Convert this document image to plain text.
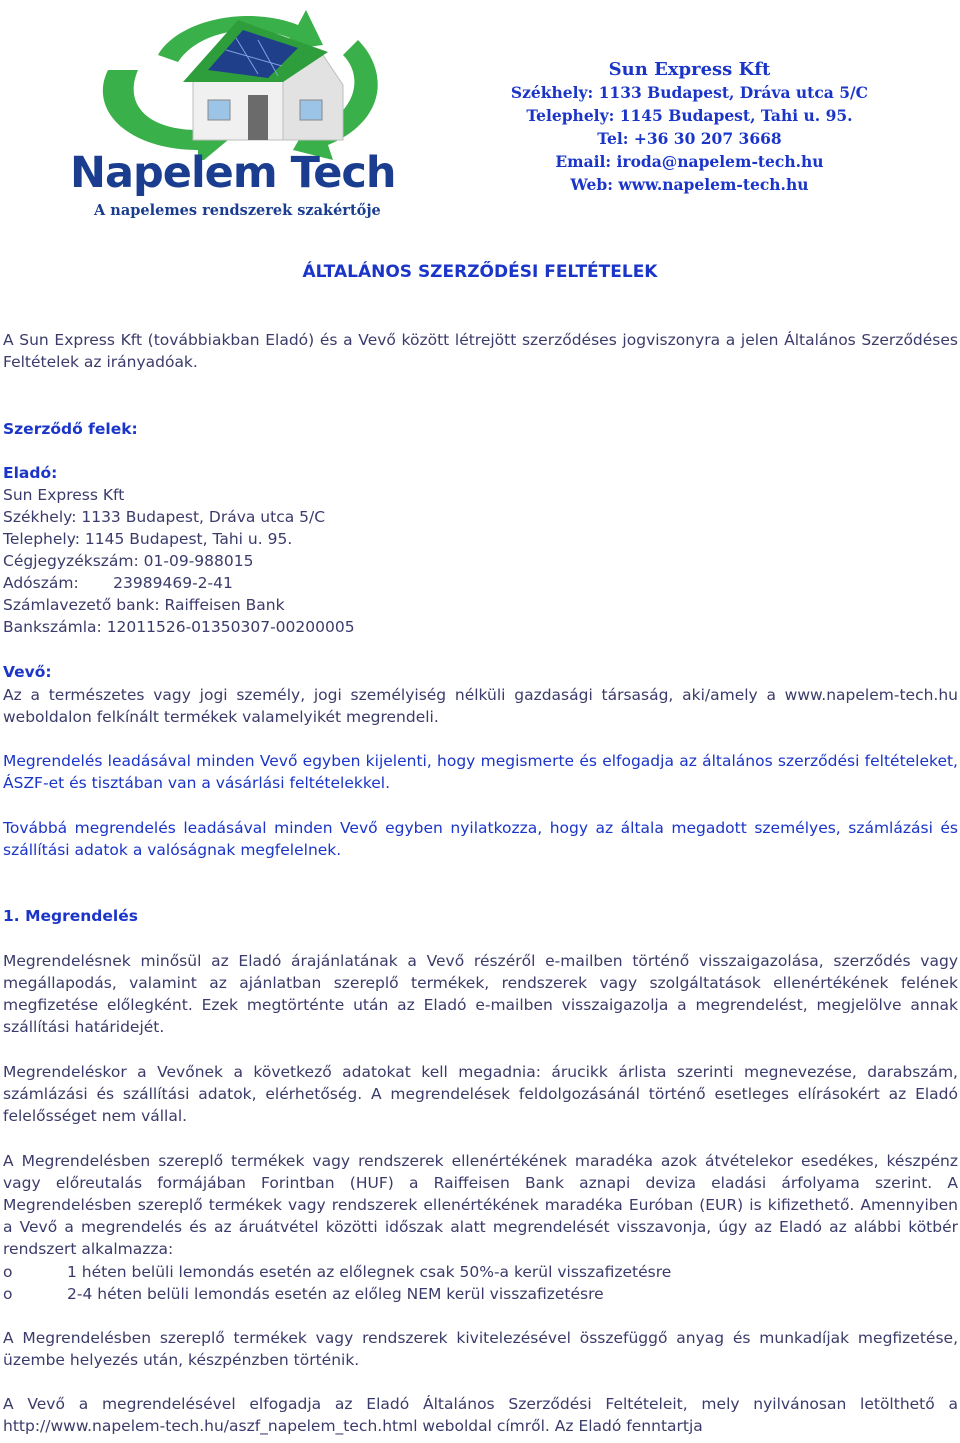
Napelem Tech

A napelemes rendszerek szakértője

Sun Express Kft
Székhely: 1133 Budapest, Dráva utca 5/C
Telephely: 1145 Budapest, Tahi u. 95.
Tel: +36 30 207 3668
Email: iroda@napelem-tech.hu
Web: www.napelem-tech.hu
ÁLTALÁNOS SZERZŐDÉSI FELTÉTELEK

A Sun Express Kft (továbbiakban Eladó) és a Vevő között létrejött szerződéses jogviszonyra a jelen Általános Szerződéses Feltételek az irányadóak.

Szerződő felek:

Eladó:

Sun Express Kft
Székhely: 1133 Budapest, Dráva utca 5/C
Telephely: 1145 Budapest, Tahi u. 95.
Cégjegyzékszám: 01-09-988015
Adószám:       23989469-2-41
Számlavezető bank: Raiffeisen Bank
Bankszámla: 12011526-01350307-00200005

Vevő:

Az a természetes vagy jogi személy, jogi személyiség nélküli gazdasági társaság, aki/amely a www.napelem-tech.hu weboldalon felkínált termékek valamelyikét megrendeli.

Megrendelés leadásával minden Vevő egyben kijelenti, hogy megismerte és elfogadja az általános szerződési feltételeket, ÁSZF-et és tisztában van a vásárlási feltételekkel.

Továbbá megrendelés leadásával minden Vevő egyben nyilatkozza, hogy az általa megadott személyes, számlázási és szállítási adatok a valóságnak megfelelnek.

1. Megrendelés

Megrendelésnek minősül az Eladó árajánlatának a Vevő részéről e-mailben történő visszaigazolása, szerződés vagy megállapodás, valamint az ajánlatban szereplő termékek, rendszerek vagy szolgáltatások ellenértékének felének megfizetése előlegként. Ezek megtörténte után az Eladó e-mailben visszaigazolja a megrendelést, megjelölve annak szállítási határidejét.

Megrendeléskor a Vevőnek a következő adatokat kell megadnia: árucikk árlista szerinti megnevezése, darabszám, számlázási és szállítási adatok, elérhetőség. A megrendelések feldolgozásánál történő esetleges elírásokért az Eladó felelősséget nem vállal.

A Megrendelésben szereplő termékek vagy rendszerek ellenértékének maradéka azok átvételekor esedékes, készpénz vagy előreutalás formájában Forintban (HUF) a Raiffeisen Bank aznapi deviza eladási árfolyama szerint. A Megrendelésben szereplő termékek vagy rendszerek ellenértékének maradéka Euróban (EUR) is kifizethető. Amennyiben a Vevő a megrendelés és az áruátvétel közötti időszak alatt megrendelését visszavonja, úgy az Eladó az alábbi kötbér rendszert alkalmazza:

o	1 héten belüli lemondás esetén az előlegnek csak 50%-a kerül visszafizetésre

o	2-4 héten belüli lemondás esetén az előleg NEM kerül visszafizetésre

A Megrendelésben szereplő termékek vagy rendszerek kivitelezésével összefüggő anyag és munkadíjak megfizetése, üzembe helyezés után, készpénzben történik.

A Vevő a megrendelésével elfogadja az Eladó Általános Szerződési Feltételeit, mely nyilvánosan letölthető a http://www.napelem-tech.hu/aszf_napelem_tech.html weboldal címről. Az Eladó fenntartja
